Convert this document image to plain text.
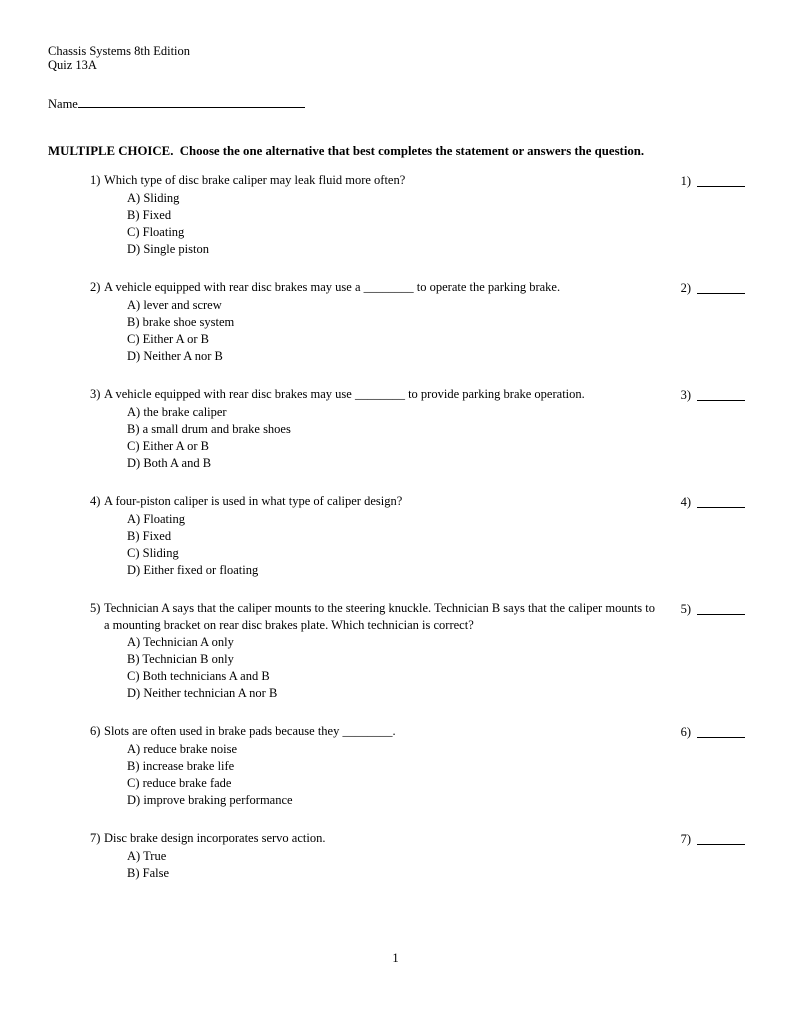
Chassis Systems 8th Edition
Quiz 13A
Name
MULTIPLE CHOICE.  Choose the one alternative that best completes the statement or answers the question.
1) Which type of disc brake caliper may leak fluid more often?	1)
A) Sliding
B) Fixed
C) Floating
D) Single piston
2) A vehicle equipped with rear disc brakes may use a ________ to operate the parking brake.	2)
A) lever and screw
B) brake shoe system
C) Either A or B
D) Neither A nor B
3) A vehicle equipped with rear disc brakes may use ________ to provide parking brake operation.	3)
A) the brake caliper
B) a small drum and brake shoes
C) Either A or B
D) Both A and B
4) A four-piston caliper is used in what type of caliper design?	4)
A) Floating
B) Fixed
C) Sliding
D) Either fixed or floating
5) Technician A says that the caliper mounts to the steering knuckle. Technician B says that the caliper mounts to a mounting bracket on rear disc brakes plate. Which technician is correct?
5)
A) Technician A only
B) Technician B only
C) Both technicians A and B
D) Neither technician A nor B
6) Slots are often used in brake pads because they ________.	6)
A) reduce brake noise
B) increase brake life
C) reduce brake fade
D) improve braking performance
7) Disc brake design incorporates servo action.	7)
A) True
B) False
1
